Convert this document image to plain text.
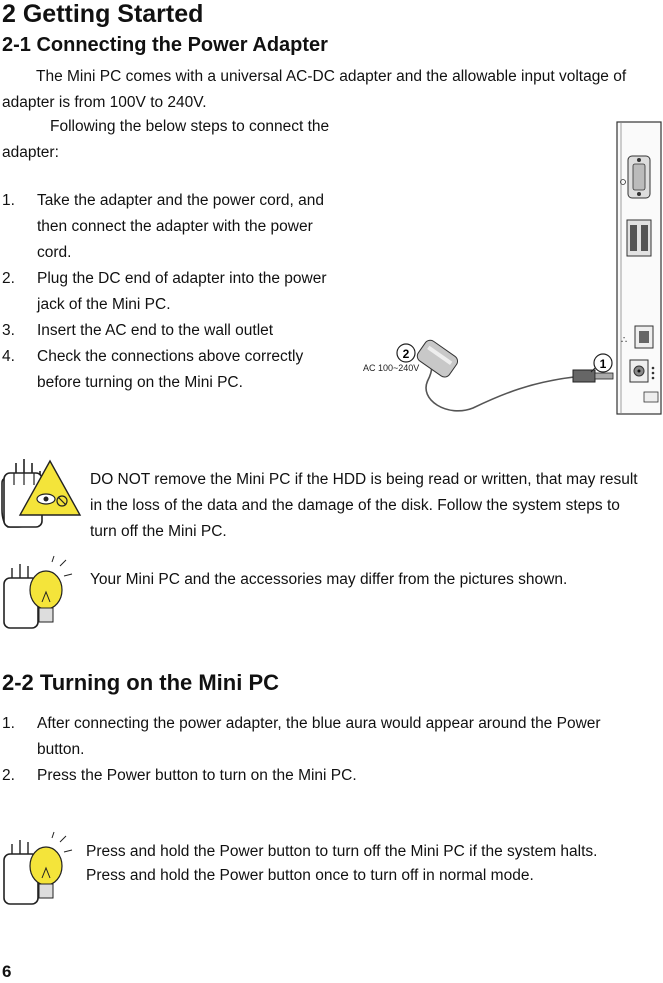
2 Getting Started
2-1 Connecting the Power Adapter
The Mini PC comes with a universal AC-DC adapter and the allowable input voltage of adapter is from 100V to 240V.
Following the below steps to connect the adapter:
1. Take the adapter and the power cord, and then connect the adapter with the power cord.
2. Plug the DC end of adapter into the power jack of the Mini PC.
3. Insert the AC end to the wall outlet
4. Check the connections above correctly before turning on the Mini PC.
∴
1
2
AC 100~240V
DO NOT remove the Mini PC if the HDD is being read or written, that may result in the loss of the data and the damage of the disk. Follow the system steps to turn off the Mini PC.
Your Mini PC and the accessories may differ from the pictures shown.
2-2 Turning on the Mini PC
1. After connecting the power adapter, the blue aura would appear around the Power button.
2. Press the Power button to turn on the Mini PC.
Press and hold the Power button to turn off the Mini PC if the system halts.
Press and hold the Power button once to turn off in normal mode.
6
